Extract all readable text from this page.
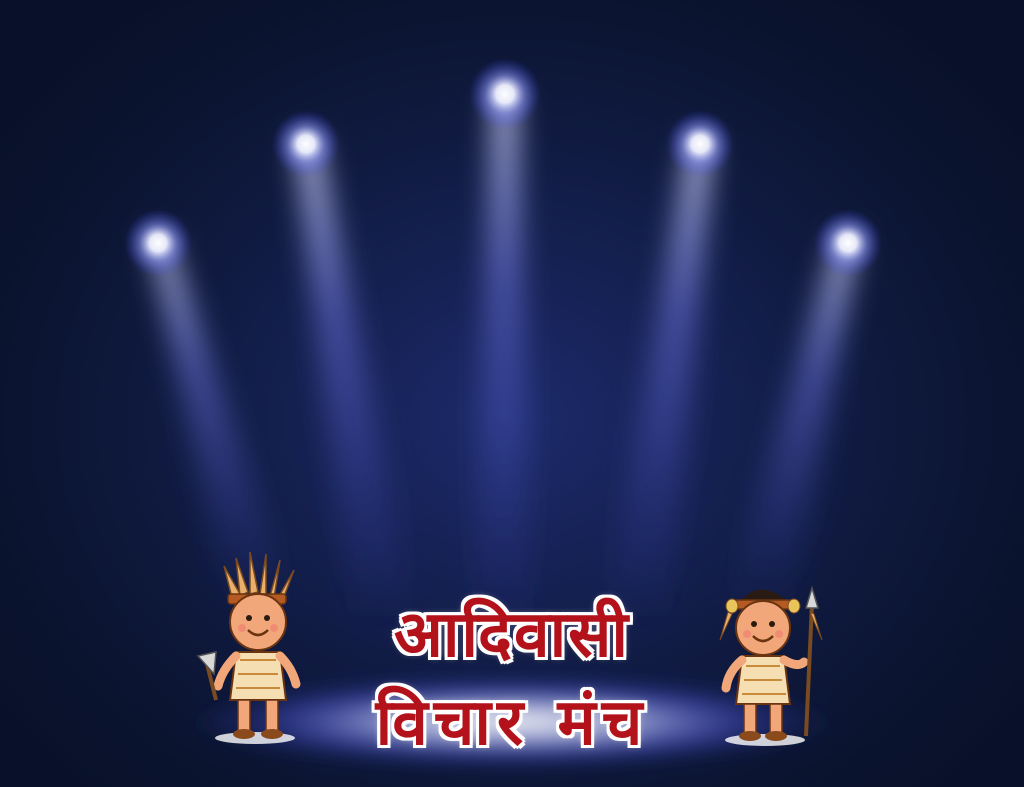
आदिवासी
विचार मंच
